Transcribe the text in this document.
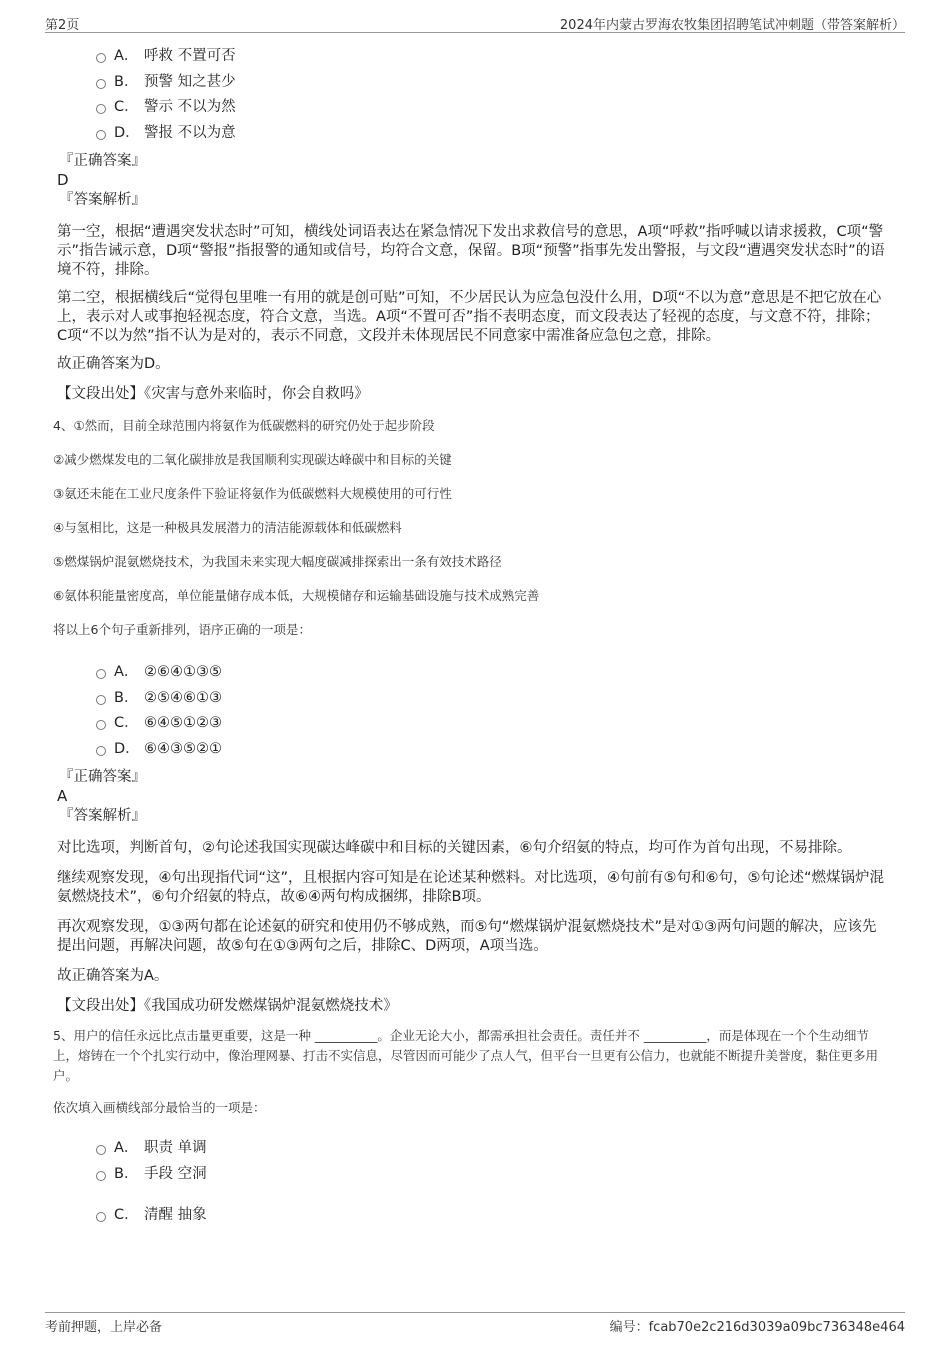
第2页	2024年内蒙古罗海农牧集团招聘笔试冲刺题（带答案解析）
A． 呼救 不置可否
B． 预警 知之甚少
C． 警示 不以为然
D． 警报 不以为意
『正确答案』
D
『答案解析』

第一空，根据“遭遇突发状态时”可知，横线处词语表达在紧急情况下发出求救信号的意思，A项“呼救”指呼喊以请求援救，C项“警示”指告诫示意，D项“警报”指报警的通知或信号，均符合文意，保留。B项“预警”指事先发出警报，与文段“遭遇突发状态时”的语境不符，排除。

第二空，根据横线后“觉得包里唯一有用的就是创可贴”可知，不少居民认为应急包没什么用，D项“不以为意”意思是不把它放在心上，表示对人或事抱轻视态度，符合文意，当选。A项“不置可否”指不表明态度，而文段表达了轻视的态度，与文意不符，排除；C项“不以为然”指不认为是对的，表示不同意，文段并未体现居民不同意家中需准备应急包之意，排除。

故正确答案为D。

【文段出处】《灾害与意外来临时，你会自救吗》
4、①然而，目前全球范围内将氨作为低碳燃料的研究仍处于起步阶段
②减少燃煤发电的二氧化碳排放是我国顺利实现碳达峰碳中和目标的关键
③氨还未能在工业尺度条件下验证将氨作为低碳燃料大规模使用的可行性
④与氢相比，这是一种极具发展潜力的清洁能源载体和低碳燃料
⑤燃煤锅炉混氨燃烧技术，为我国未来实现大幅度碳减排探索出一条有效技术路径
⑥氨体积能量密度高，单位能量储存成本低，大规模储存和运输基础设施与技术成熟完善
将以上6个句子重新排列，语序正确的一项是：
A． ②⑥④①③⑤
B． ②⑤④⑥①③
C． ⑥④⑤①②③
D． ⑥④③⑤②①
『正确答案』
A
『答案解析』

对比选项，判断首句，②句论述我国实现碳达峰碳中和目标的关键因素，⑥句介绍氨的特点，均可作为首句出现，不易排除。

继续观察发现，④句出现指代词“这”，且根据内容可知是在论述某种燃料。对比选项，④句前有⑤句和⑥句，⑤句论述“燃煤锅炉混氨燃烧技术”，⑥句介绍氨的特点，故⑥④两句构成捆绑，排除B项。

再次观察发现，①③两句都在论述氨的研究和使用仍不够成熟，而⑤句“燃煤锅炉混氨燃烧技术”是对①③两句问题的解决，应该先提出问题，再解决问题，故⑤句在①③两句之后，排除C、D两项，A项当选。

故正确答案为A。

【文段出处】《我国成功研发燃煤锅炉混氨燃烧技术》
5、用户的信任永远比点击量更重要，这是一种 __________。企业无论大小，都需承担社会责任。责任并不 __________，而是体现在一个个生动细节上，熔铸在一个个扎实行动中，像治理网暴、打击不实信息，尽管因而可能少了点人气，但平台一旦更有公信力，也就能不断提升美誉度，黏住更多用户。
依次填入画横线部分最恰当的一项是：
A． 职责 单调
B． 手段 空洞
C． 清醒 抽象
考前押题，上岸必备	编号：fcab70e2c216d3039a09bc736348e464
